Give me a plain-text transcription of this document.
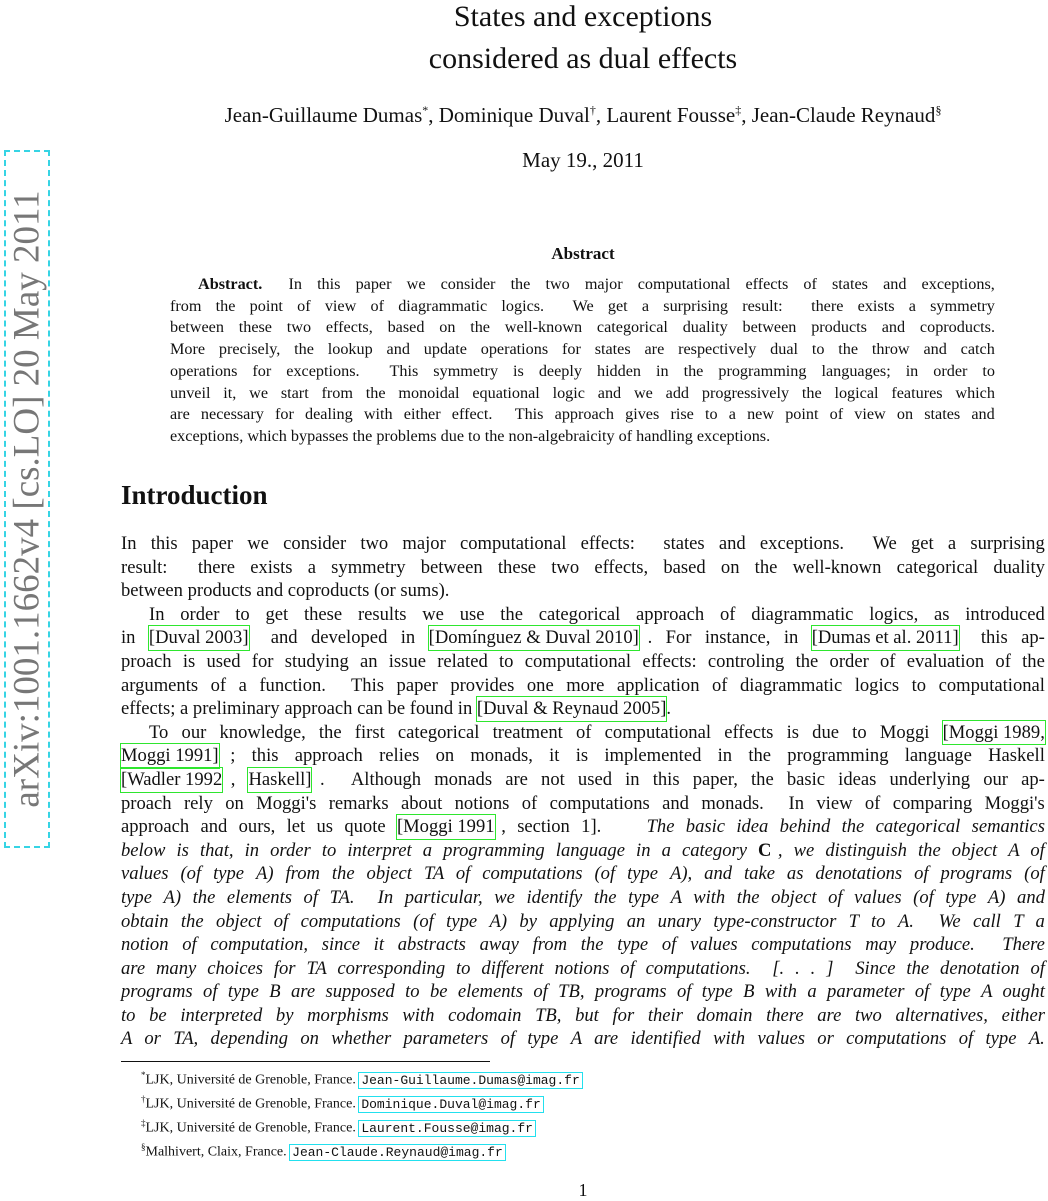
arXiv:1001.1662v4 [cs.LO] 20 May 2011
States and exceptions
considered as dual effects
Jean-Guillaume Dumas*, Dominique Duval†, Laurent Fousse‡, Jean-Claude Reynaud§
May 19., 2011
Abstract
Abstract.
In this paper we consider the two major computational effects of states and exceptions,
from the point of view of diagrammatic logics.
We get a surprising result:
there exists a symmetry
between these two effects, based on the well-known categorical duality between products and coproducts.
More precisely, the lookup and update operations for states are respectively dual to the throw and catch
operations for exceptions.
This symmetry is deeply hidden in the programming languages; in order to
unveil it, we start from the monoidal equational logic and we add progressively the logical features which
are necessary for dealing with either effect.
This approach gives rise to a new point of view on states and
exceptions, which bypasses the problems due to the non-algebraicity of handling exceptions.
Introduction
In this paper we consider two major computational effects:
states and exceptions.
We get a surprising
result:
there exists a symmetry between these two effects, based on the well-known categorical duality
between products and coproducts (or sums).
In order to get these results we use the categorical approach of diagrammatic logics, as introduced
in [Duval 2003]
and developed in [Domínguez & Duval 2010] . For instance, in [Dumas et al. 2011]
this ap-
proach is used for studying an issue related to computational effects: controling the order of evaluation of the
arguments of a function.
This paper provides one more application of diagrammatic logics to computational
effects; a preliminary approach can be found in [Duval & Reynaud 2005] .
To our knowledge, the first categorical treatment of computational effects is due to Moggi [Moggi 1989,
Moggi 1991] ; this approach relies on monads, it is implemented in the programming language Haskell
[Wadler 1992 , Haskell] .
Although monads are not used in this paper, the basic ideas underlying our ap-
proach rely on Moggi's remarks about notions of computations and monads.
In view of comparing Moggi's
approach and ours, let us quote [Moggi 1991 , section 1].

The basic idea behind the categorical semantics
below is that, in order to interpret a programming language in a category C , we distinguish the object A of
values (of type A) from the object TA of computations (of type A), and take as denotations of programs (of
type A) the elements of TA.
In particular, we identify the type A with the object of values (of type A) and
obtain the object of computations (of type A) by applying an unary type-constructor T to A.
We call T a
notion of computation, since it abstracts away from the type of values computations may produce.
There
are many choices for TA corresponding to different notions of computations.
[. . . ]
Since the denotation of
programs of type B are supposed to be elements of TB, programs of type B with a parameter of type A ought
to be interpreted by morphisms with codomain TB, but for their domain there are two alternatives, either
A or TA, depending on whether parameters of type A are identified with values or computations of type A.
*LJK, Université de Grenoble, France. Jean-Guillaume.Dumas@imag.fr
†LJK, Université de Grenoble, France. Dominique.Duval@imag.fr
‡LJK, Université de Grenoble, France. Laurent.Fousse@imag.fr
§Malhivert, Claix, France. Jean-Claude.Reynaud@imag.fr
1
